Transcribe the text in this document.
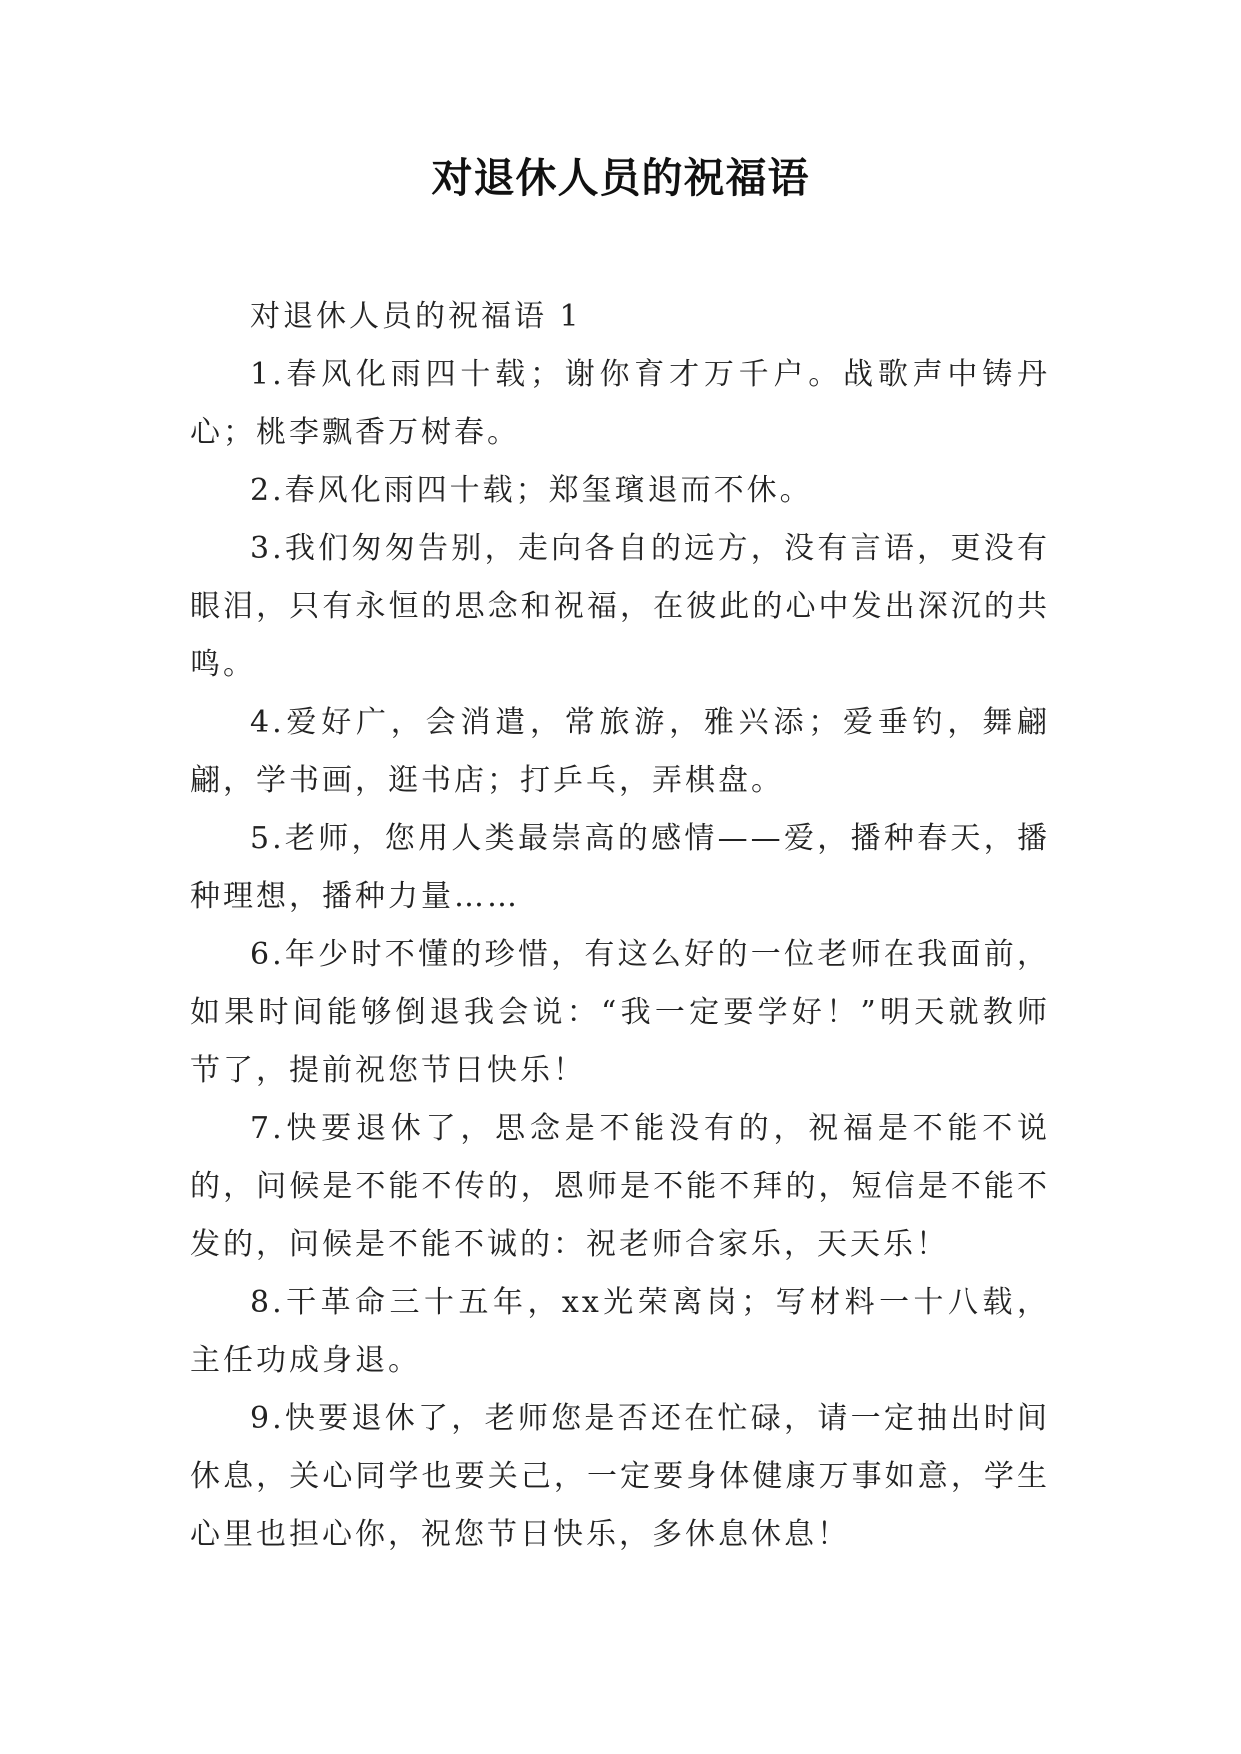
对退休人员的祝福语

对退休人员的祝福语 1

1.春风化雨四十载；谢你育才万千户。战歌声中铸丹心；桃李飘香万树春。

2.春风化雨四十载；郑玺璸退而不休。

3.我们匆匆告别，走向各自的远方，没有言语，更没有眼泪，只有永恒的思念和祝福，在彼此的心中发出深沉的共鸣。

4.爱好广，会消遣，常旅游，雅兴添；爱垂钓，舞翩翩，学书画，逛书店；打乒乓，弄棋盘。

5.老师，您用人类最崇高的感情——爱，播种春天，播种理想，播种力量……

6.年少时不懂的珍惜，有这么好的一位老师在我面前，如果时间能够倒退我会说：“我一定要学好！”明天就教师节了，提前祝您节日快乐！

7.快要退休了，思念是不能没有的，祝福是不能不说的，问候是不能不传的，恩师是不能不拜的，短信是不能不发的，问候是不能不诚的：祝老师合家乐，天天乐！

8.干革命三十五年，xx光荣离岗；写材料一十八载，主任功成身退。

9.快要退休了，老师您是否还在忙碌，请一定抽出时间休息，关心同学也要关己，一定要身体健康万事如意，学生心里也担心你，祝您节日快乐，多休息休息！
